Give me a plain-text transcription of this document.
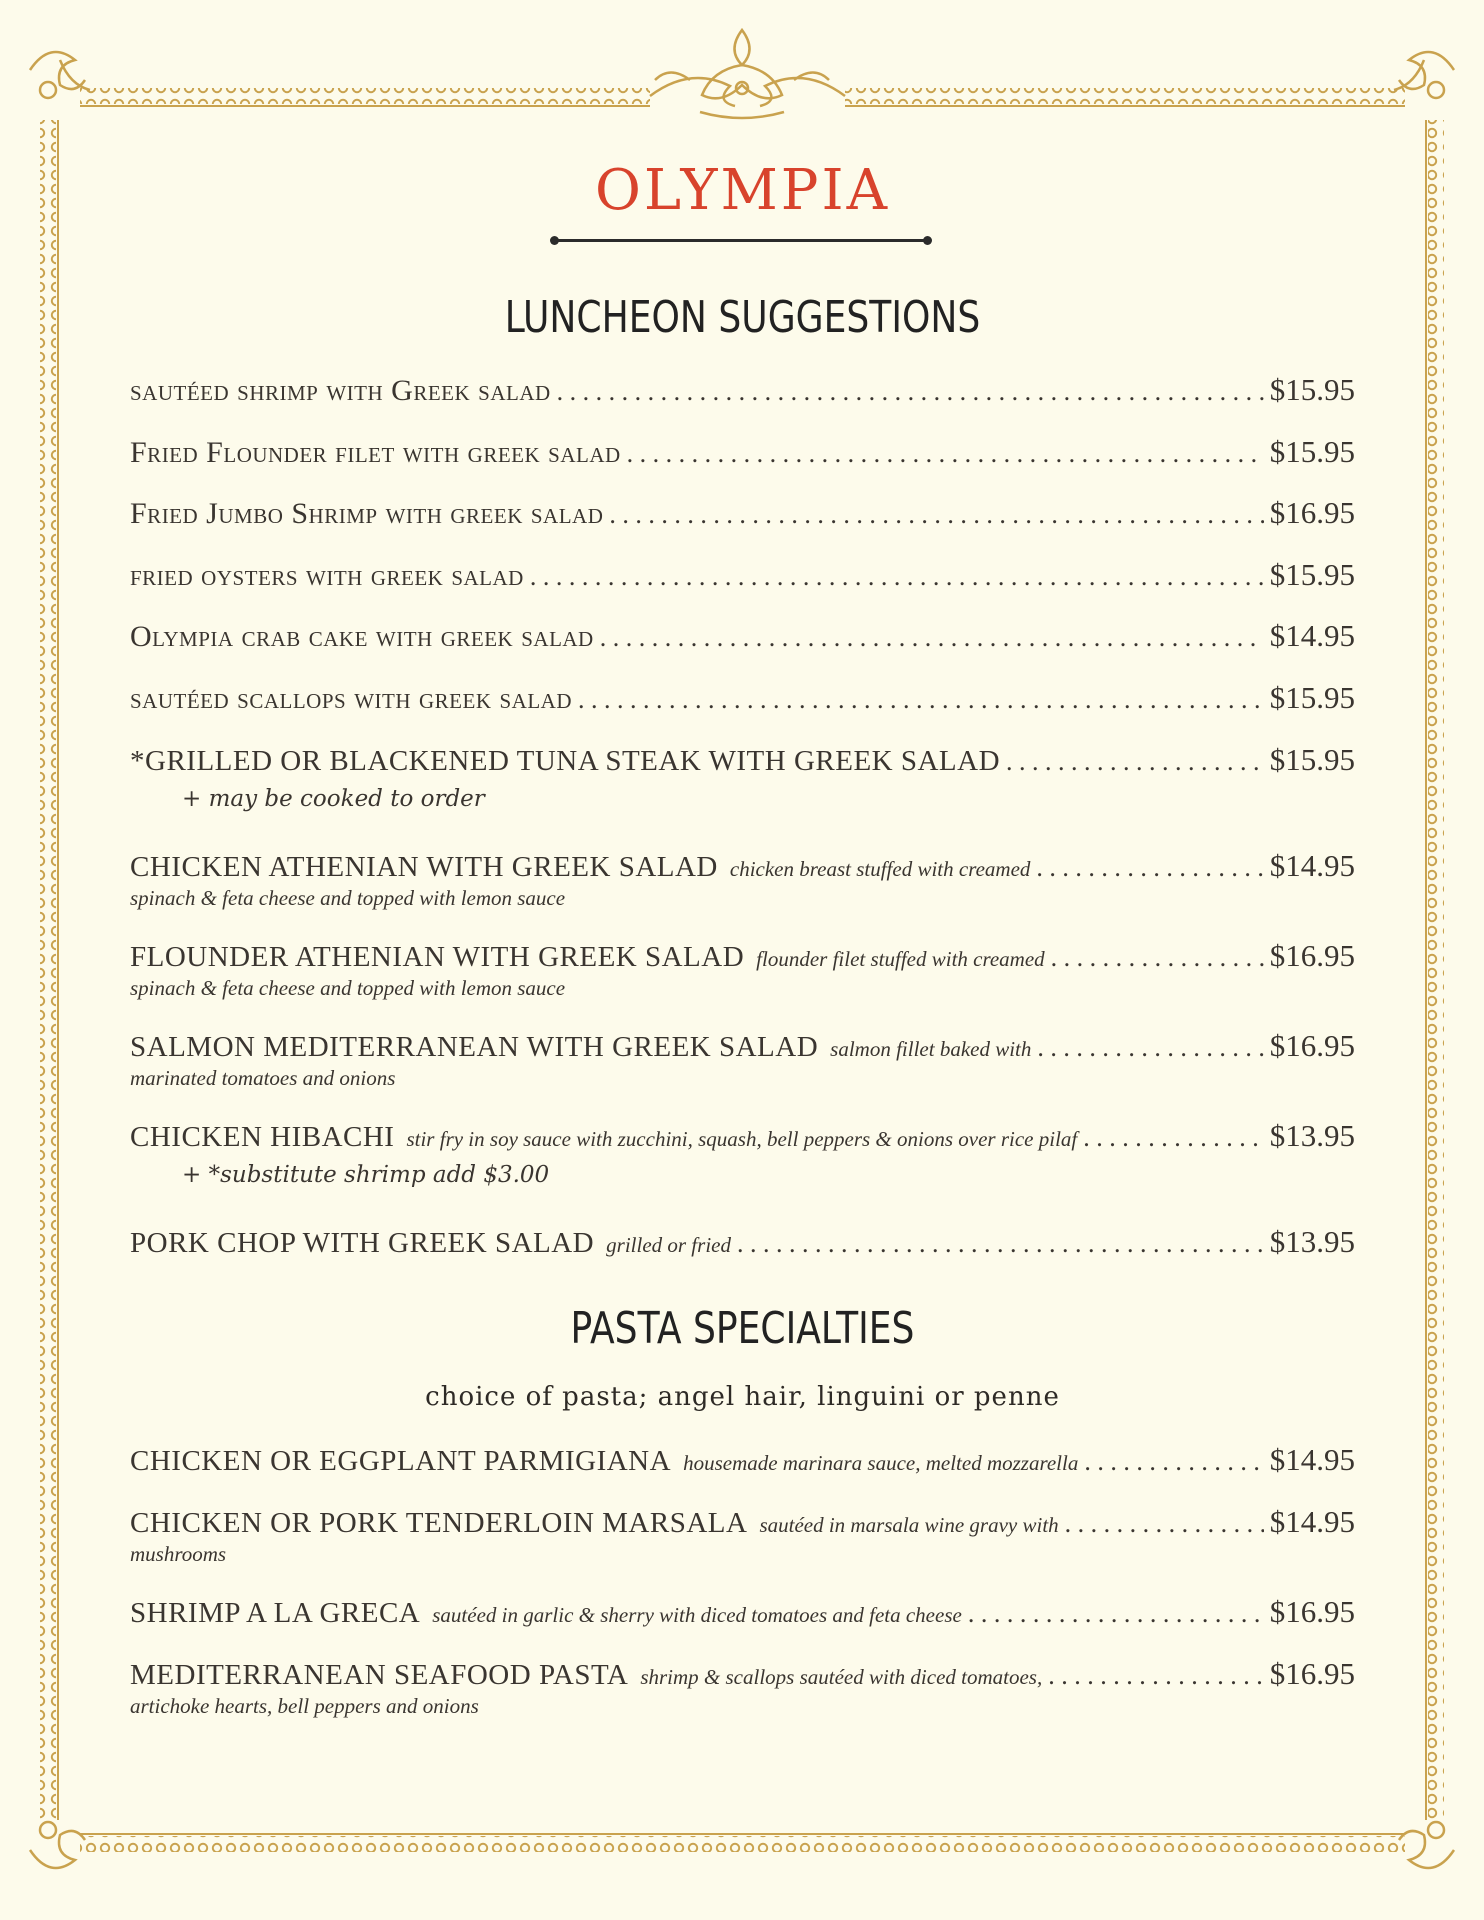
OLYMPIA
LUNCHEON SUGGESTIONS
sautéed shrimp with Greek salad . . .	$15.95
Fried Flounder filet with greek salad . . .	$15.95
Fried Jumbo Shrimp with greek salad . . .	$16.95
fried oysters with greek salad . . .	$15.95
Olympia crab cake with greek salad . . .	$14.95
sautéed scallops with greek salad . . .	$15.95
*GRILLED OR BLACKENED TUNA STEAK WITH GREEK SALAD . . .	$15.95
+ may be cooked to order
CHICKEN ATHENIAN WITH GREEK SALAD chicken breast stuffed with creamed . . .	$14.95
spinach & feta cheese and topped with lemon sauce
FLOUNDER ATHENIAN WITH GREEK SALAD flounder filet stuffed with creamed . . .	$16.95
spinach & feta cheese and topped with lemon sauce
SALMON MEDITERRANEAN WITH GREEK SALAD salmon fillet baked with . . .	$16.95
marinated tomatoes and onions
CHICKEN HIBACHI stir fry in soy sauce with zucchini, squash, bell peppers & onions over rice pilaf . . .	$13.95
+ *substitute shrimp add $3.00
PORK CHOP WITH GREEK SALAD grilled or fried . . .	$13.95
PASTA SPECIALTIES
choice of pasta; angel hair, linguini or penne
CHICKEN OR EGGPLANT PARMIGIANA housemade marinara sauce, melted mozzarella . . .	$14.95
CHICKEN OR PORK TENDERLOIN MARSALA sautéed in marsala wine gravy with . . .	$14.95
mushrooms
SHRIMP A LA GRECA sautéed in garlic & sherry with diced tomatoes and feta cheese . . .	$16.95
MEDITERRANEAN SEAFOOD PASTA shrimp & scallops sautéed with diced tomatoes, . . .	$16.95
artichoke hearts, bell peppers and onions
